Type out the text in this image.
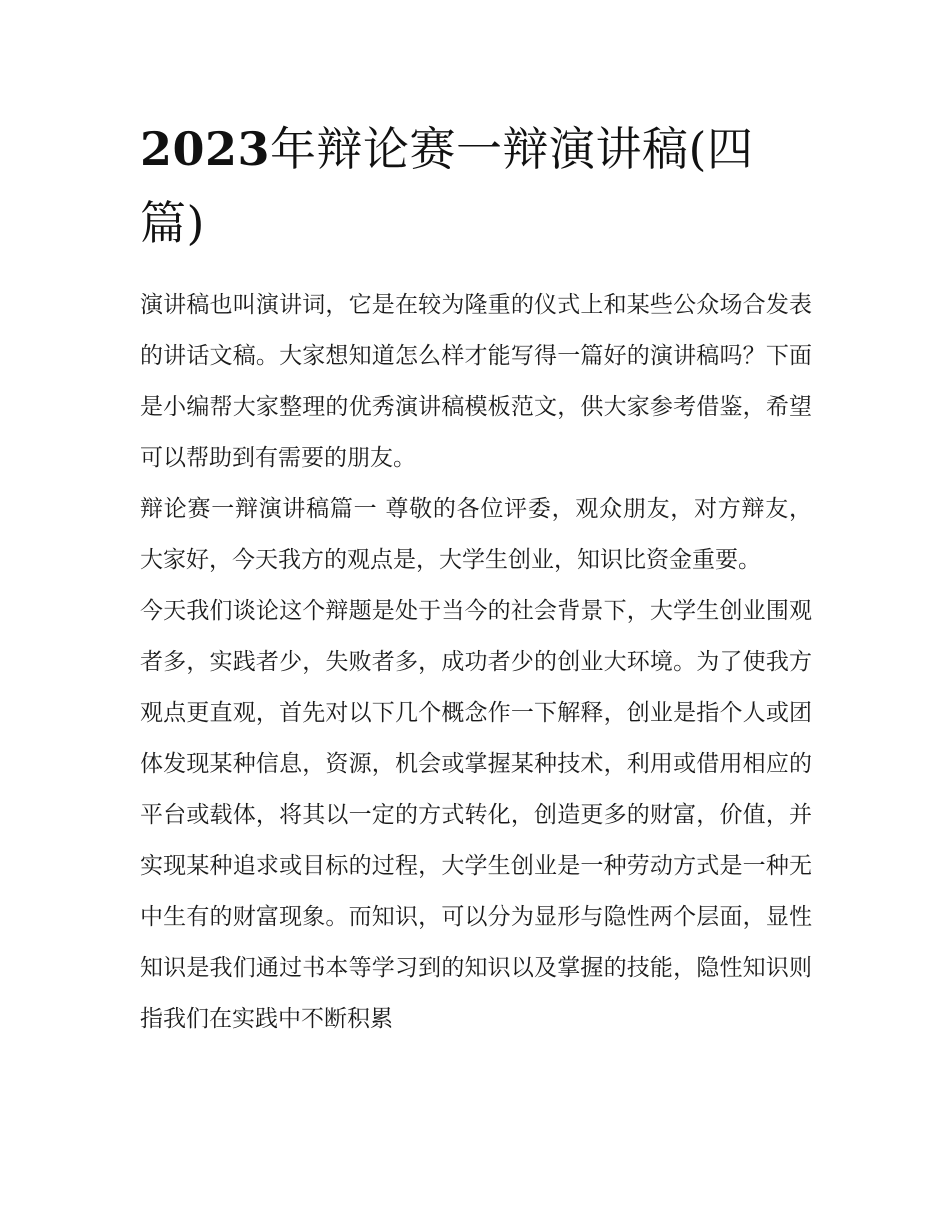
2023年辩论赛一辩演讲稿(四篇)

演讲稿也叫演讲词，它是在较为隆重的仪式上和某些公众场合发表的讲话文稿。大家想知道怎么样才能写得一篇好的演讲稿吗？下面是小编帮大家整理的优秀演讲稿模板范文，供大家参考借鉴，希望可以帮助到有需要的朋友。

辩论赛一辩演讲稿篇一 尊敬的各位评委，观众朋友，对方辩友，大家好，今天我方的观点是，大学生创业，知识比资金重要。

今天我们谈论这个辩题是处于当今的社会背景下，大学生创业围观者多，实践者少，失败者多，成功者少的创业大环境。为了使我方观点更直观，首先对以下几个概念作一下解释，创业是指个人或团体发现某种信息，资源，机会或掌握某种技术，利用或借用相应的平台或载体，将其以一定的方式转化，创造更多的财富，价值，并实现某种追求或目标的过程，大学生创业是一种劳动方式是一种无中生有的财富现象。而知识，可以分为显形与隐性两个层面，显性知识是我们通过书本等学习到的知识以及掌握的技能，隐性知识则指我们在实践中不断积累
